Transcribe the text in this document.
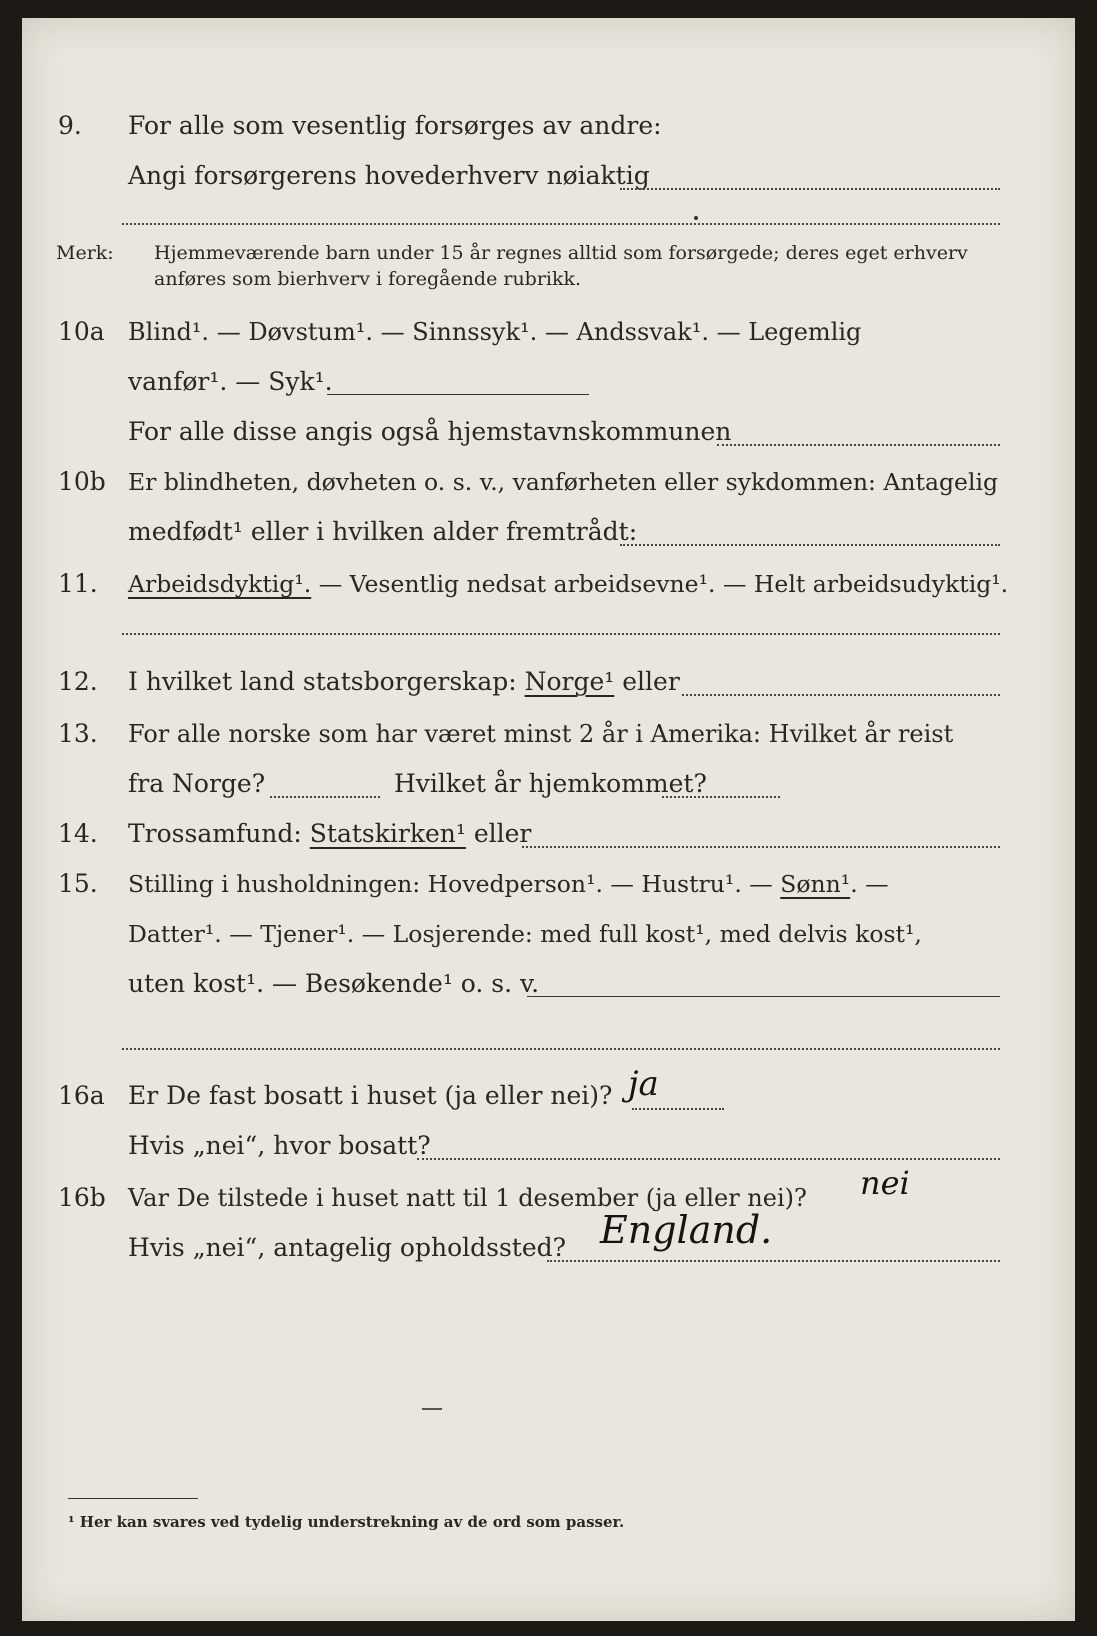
9. For alle som vesentlig forsørges av andre:
Angi forsørgerens hovederhverv nøiaktig
Merk: Hjemmeværende barn under 15 år regnes alltid som forsørgede; deres eget erhverv
anføres som bierhverv i foregående rubrikk.
10a Blind¹. — Døvstum¹. — Sinnssyk¹. — Andssvak¹. — Legemlig
vanfør¹. — Syk¹.
For alle disse angis også hjemstavnskommunen
10b Er blindheten, døvheten o. s. v., vanførheten eller sykdommen: Antagelig
medfødt¹ eller i hvilken alder fremtrådt:
11. Arbeidsdyktig¹. — Vesentlig nedsat arbeidsevne¹. — Helt arbeidsudyktig¹.
12. I hvilket land statsborgerskap: Norge¹ eller
13. For alle norske som har været minst 2 år i Amerika: Hvilket år reist
fra Norge?	Hvilket år hjemkommet?
14. Trossamfund: Statskirken¹ eller
15. Stilling i husholdningen: Hovedperson¹. — Hustru¹. — Sønn¹. —
Datter¹. — Tjener¹. — Losjerende: med full kost¹, med delvis kost¹,
uten kost¹. — Besøkende¹ o. s. v.
16a Er De fast bosatt i huset (ja eller nei)? ja
Hvis „nei“, hvor bosatt?
16b Var De tilstede i huset natt til 1 desember (ja eller nei)? nei
Hvis „nei“, antagelig opholdssted? England.
¹ Her kan svares ved tydelig understrekning av de ord som passer.
